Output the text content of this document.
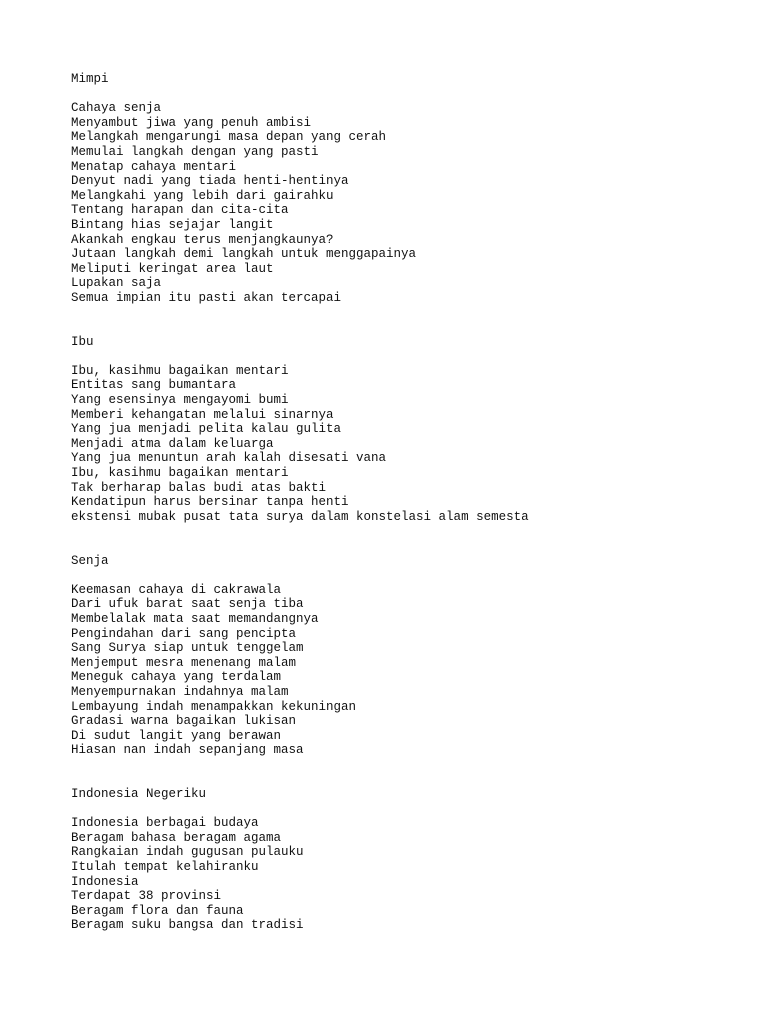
Mimpi
Cahaya senja
Menyambut jiwa yang penuh ambisi
Melangkah mengarungi masa depan yang cerah
Memulai langkah dengan yang pasti
Menatap cahaya mentari
Denyut nadi yang tiada henti-hentinya
Melangkahi yang lebih dari gairahku
Tentang harapan dan cita-cita
Bintang hias sejajar langit
Akankah engkau terus menjangkaunya?
Jutaan langkah demi langkah untuk menggapainya
Meliputi keringat area laut
Lupakan saja
Semua impian itu pasti akan tercapai
Ibu
Ibu, kasihmu bagaikan mentari
Entitas sang bumantara
Yang esensinya mengayomi bumi
Memberi kehangatan melalui sinarnya
Yang jua menjadi pelita kalau gulita
Menjadi atma dalam keluarga
Yang jua menuntun arah kalah disesati vana
Ibu, kasihmu bagaikan mentari
Tak berharap balas budi atas bakti
Kendatipun harus bersinar tanpa henti
ekstensi mubak pusat tata surya dalam konstelasi alam semesta
Senja
Keemasan cahaya di cakrawala
Dari ufuk barat saat senja tiba
Membelalak mata saat memandangnya
Pengindahan dari sang pencipta
Sang Surya siap untuk tenggelam
Menjemput mesra menenang malam
Meneguk cahaya yang terdalam
Menyempurnakan indahnya malam
Lembayung indah menampakkan kekuningan
Gradasi warna bagaikan lukisan
Di sudut langit yang berawan
Hiasan nan indah sepanjang masa
Indonesia Negeriku
Indonesia berbagai budaya
Beragam bahasa beragam agama
Rangkaian indah gugusan pulauku
Itulah tempat kelahiranku
Indonesia
Terdapat 38 provinsi
Beragam flora dan fauna
Beragam suku bangsa dan tradisi
